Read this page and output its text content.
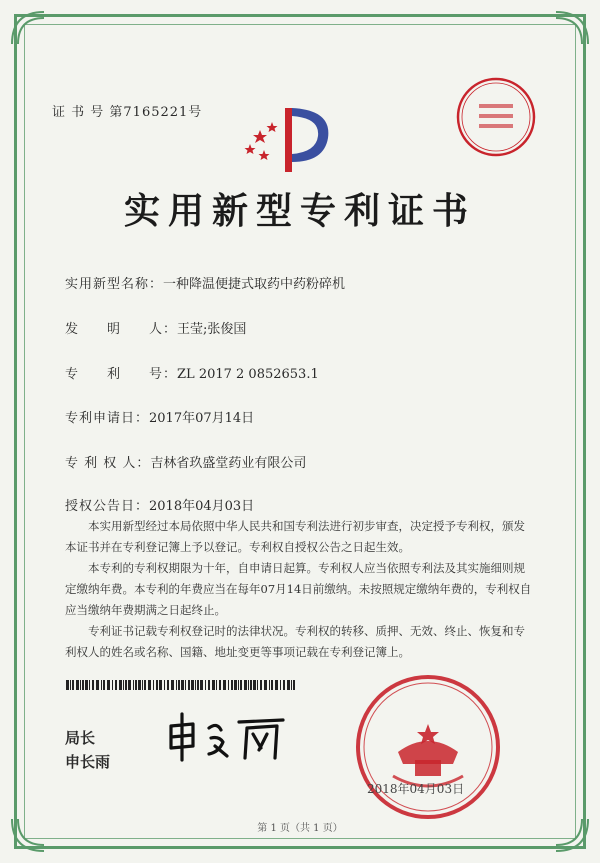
证 书 号 第7165221号
实用新型专利证书
实用新型名称：一种降温便捷式取药中药粉碎机
发　　明　　人：王莹;张俊国
专　　利　　号：ZL 2017 2 0852653.1
专利申请日：2017年07月14日
专 利 权 人：吉林省玖盛堂药业有限公司
授权公告日：2018年04月03日

本实用新型经过本局依照中华人民共和国专利法进行初步审查，决定授予专利权，颁发本证书并在专利登记簿上予以登记。专利权自授权公告之日起生效。

本专利的专利权期限为十年，自申请日起算。专利权人应当依照专利法及其实施细则规定缴纳年费。本专利的年费应当在每年07月14日前缴纳。未按照规定缴纳年费的，专利权自应当缴纳年费期满之日起终止。

专利证书记载专利权登记时的法律状况。专利权的转移、质押、无效、终止、恢复和专利权人的姓名或名称、国籍、地址变更等事项记载在专利登记簿上。

局长
申长雨
2018年04月03日
第 1 页（共 1 页）
